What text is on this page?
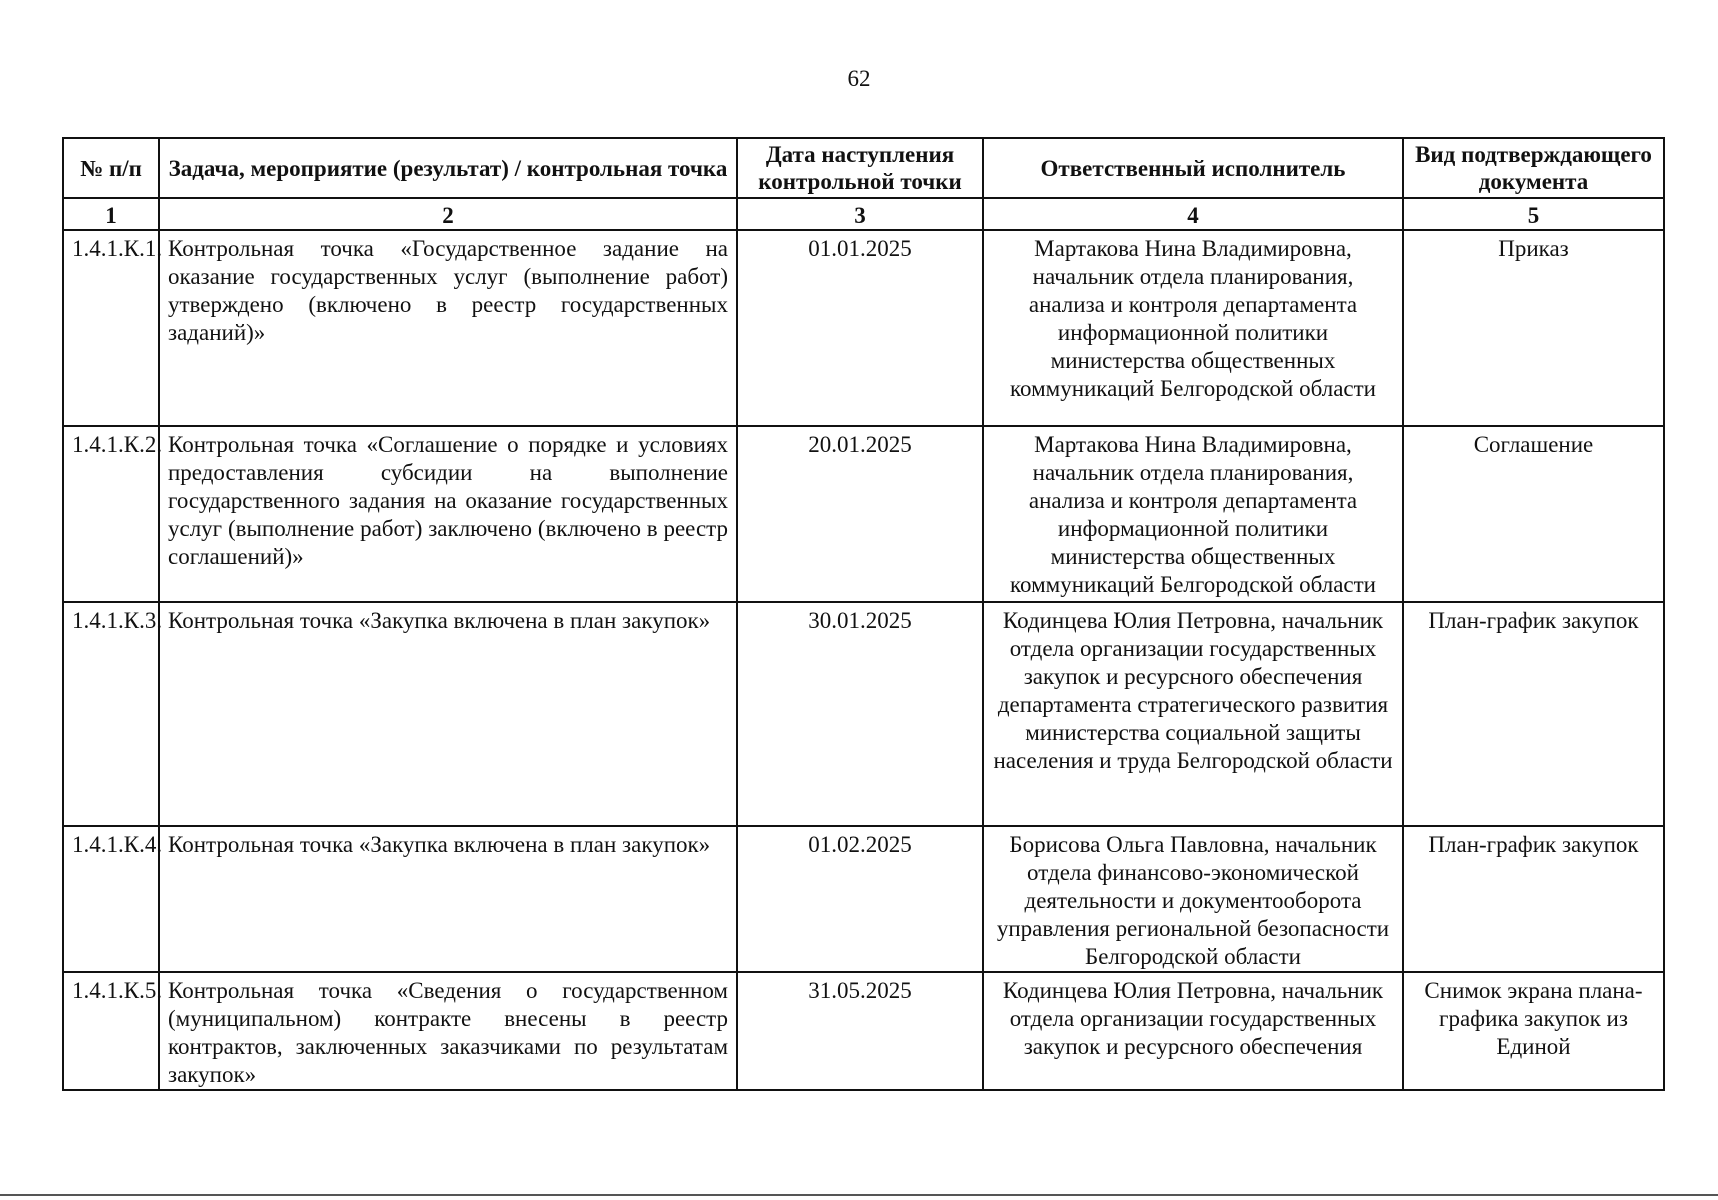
62
№ п/п	Задача, мероприятие (результат) / контрольная точка	Дата наступления контрольной точки	Ответственный исполнитель	Вид подтверждающего документа
1	2	3	4	5
1.4.1.К.1.	Контрольная точка «Государственное задание на оказание государственных услуг (выполнение работ) утверждено (включено в реестр государственных заданий)»	01.01.2025	Мартакова Нина Владимировна, начальник отдела планирования, анализа и контроля департамента информационной политики министерства общественных коммуникаций Белгородской области	Приказ
1.4.1.К.2.	Контрольная точка «Соглашение о порядке и условиях предоставления субсидии на выполнение государственного задания на оказание государственных услуг (выполнение работ) заключено (включено в реестр соглашений)»	20.01.2025	Мартакова Нина Владимировна, начальник отдела планирования, анализа и контроля департамента информационной политики министерства общественных коммуникаций Белгородской области	Соглашение
1.4.1.К.3.	Контрольная точка «Закупка включена в план закупок»	30.01.2025	Кодинцева Юлия Петровна, начальник отдела организации государственных закупок и ресурсного обеспечения департамента стратегического развития министерства социальной защиты населения и труда Белгородской области	План-график закупок
1.4.1.К.4.	Контрольная точка «Закупка включена в план закупок»	01.02.2025	Борисова Ольга Павловна, начальник отдела финансово-экономической деятельности и документооборота управления региональной безопасности Белгородской области	План-график закупок
1.4.1.К.5.	Контрольная точка «Сведения о государственном (муниципальном) контракте внесены в реестр контрактов, заключенных заказчиками по результатам закупок»	31.05.2025	Кодинцева Юлия Петровна, начальник отдела организации государственных закупок и ресурсного обеспечения	Снимок экрана плана-графика закупок из Единой
